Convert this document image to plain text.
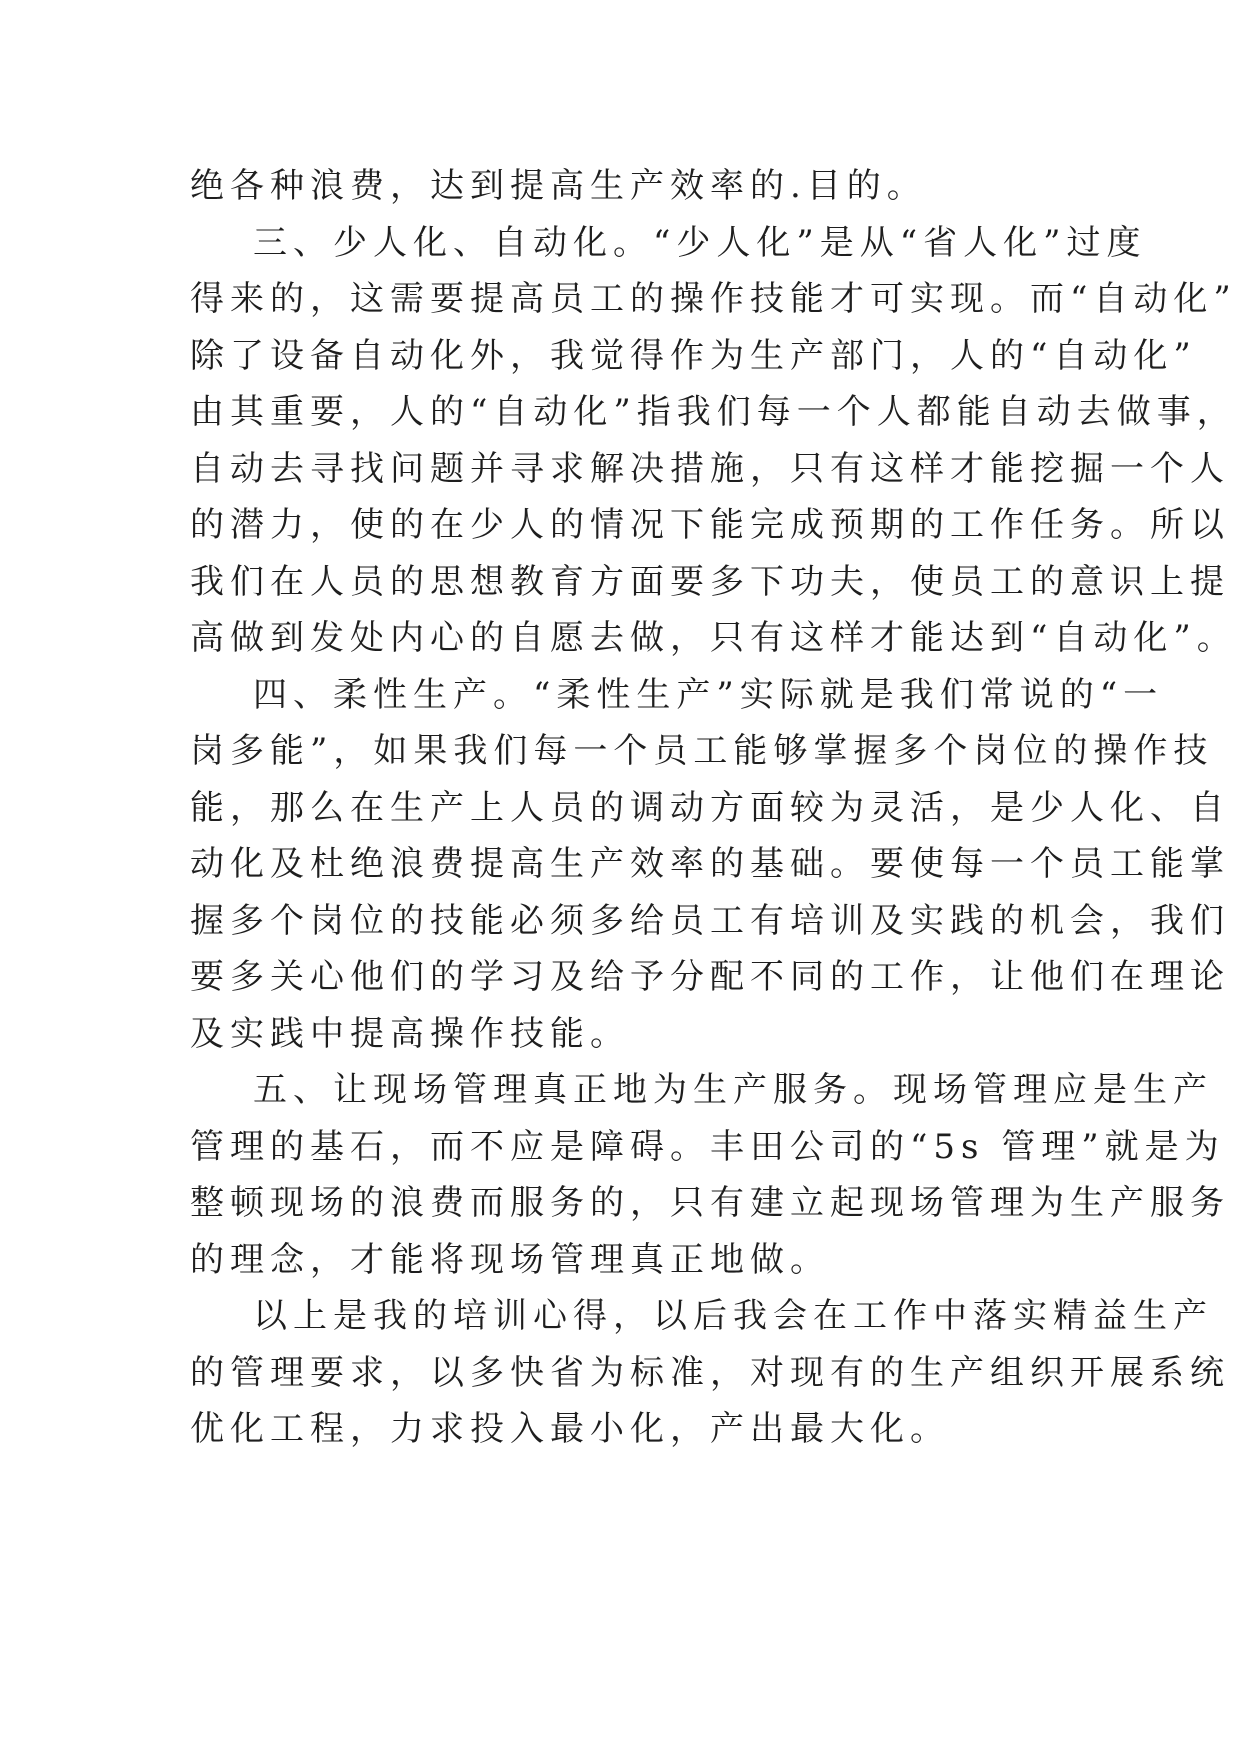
绝各种浪费，达到提高生产效率的.目的。
三、少人化、自动化。“少人化”是从“省人化”过度
得来的，这需要提高员工的操作技能才可实现。而“自动化”
除了设备自动化外，我觉得作为生产部门，人的“自动化”
由其重要，人的“自动化”指我们每一个人都能自动去做事，
自动去寻找问题并寻求解决措施，只有这样才能挖掘一个人
的潜力，使的在少人的情况下能完成预期的工作任务。所以
我们在人员的思想教育方面要多下功夫，使员工的意识上提
高做到发处内心的自愿去做，只有这样才能达到“自动化”。
四、柔性生产。“柔性生产”实际就是我们常说的“一
岗多能”，如果我们每一个员工能够掌握多个岗位的操作技
能，那么在生产上人员的调动方面较为灵活，是少人化、自
动化及杜绝浪费提高生产效率的基础。要使每一个员工能掌
握多个岗位的技能必须多给员工有培训及实践的机会，我们
要多关心他们的学习及给予分配不同的工作，让他们在理论
及实践中提高操作技能。
五、让现场管理真正地为生产服务。现场管理应是生产
管理的基石，而不应是障碍。丰田公司的“5s 管理”就是为
整顿现场的浪费而服务的，只有建立起现场管理为生产服务
的理念，才能将现场管理真正地做。
以上是我的培训心得，以后我会在工作中落实精益生产
的管理要求，以多快省为标准，对现有的生产组织开展系统
优化工程，力求投入最小化，产出最大化。
